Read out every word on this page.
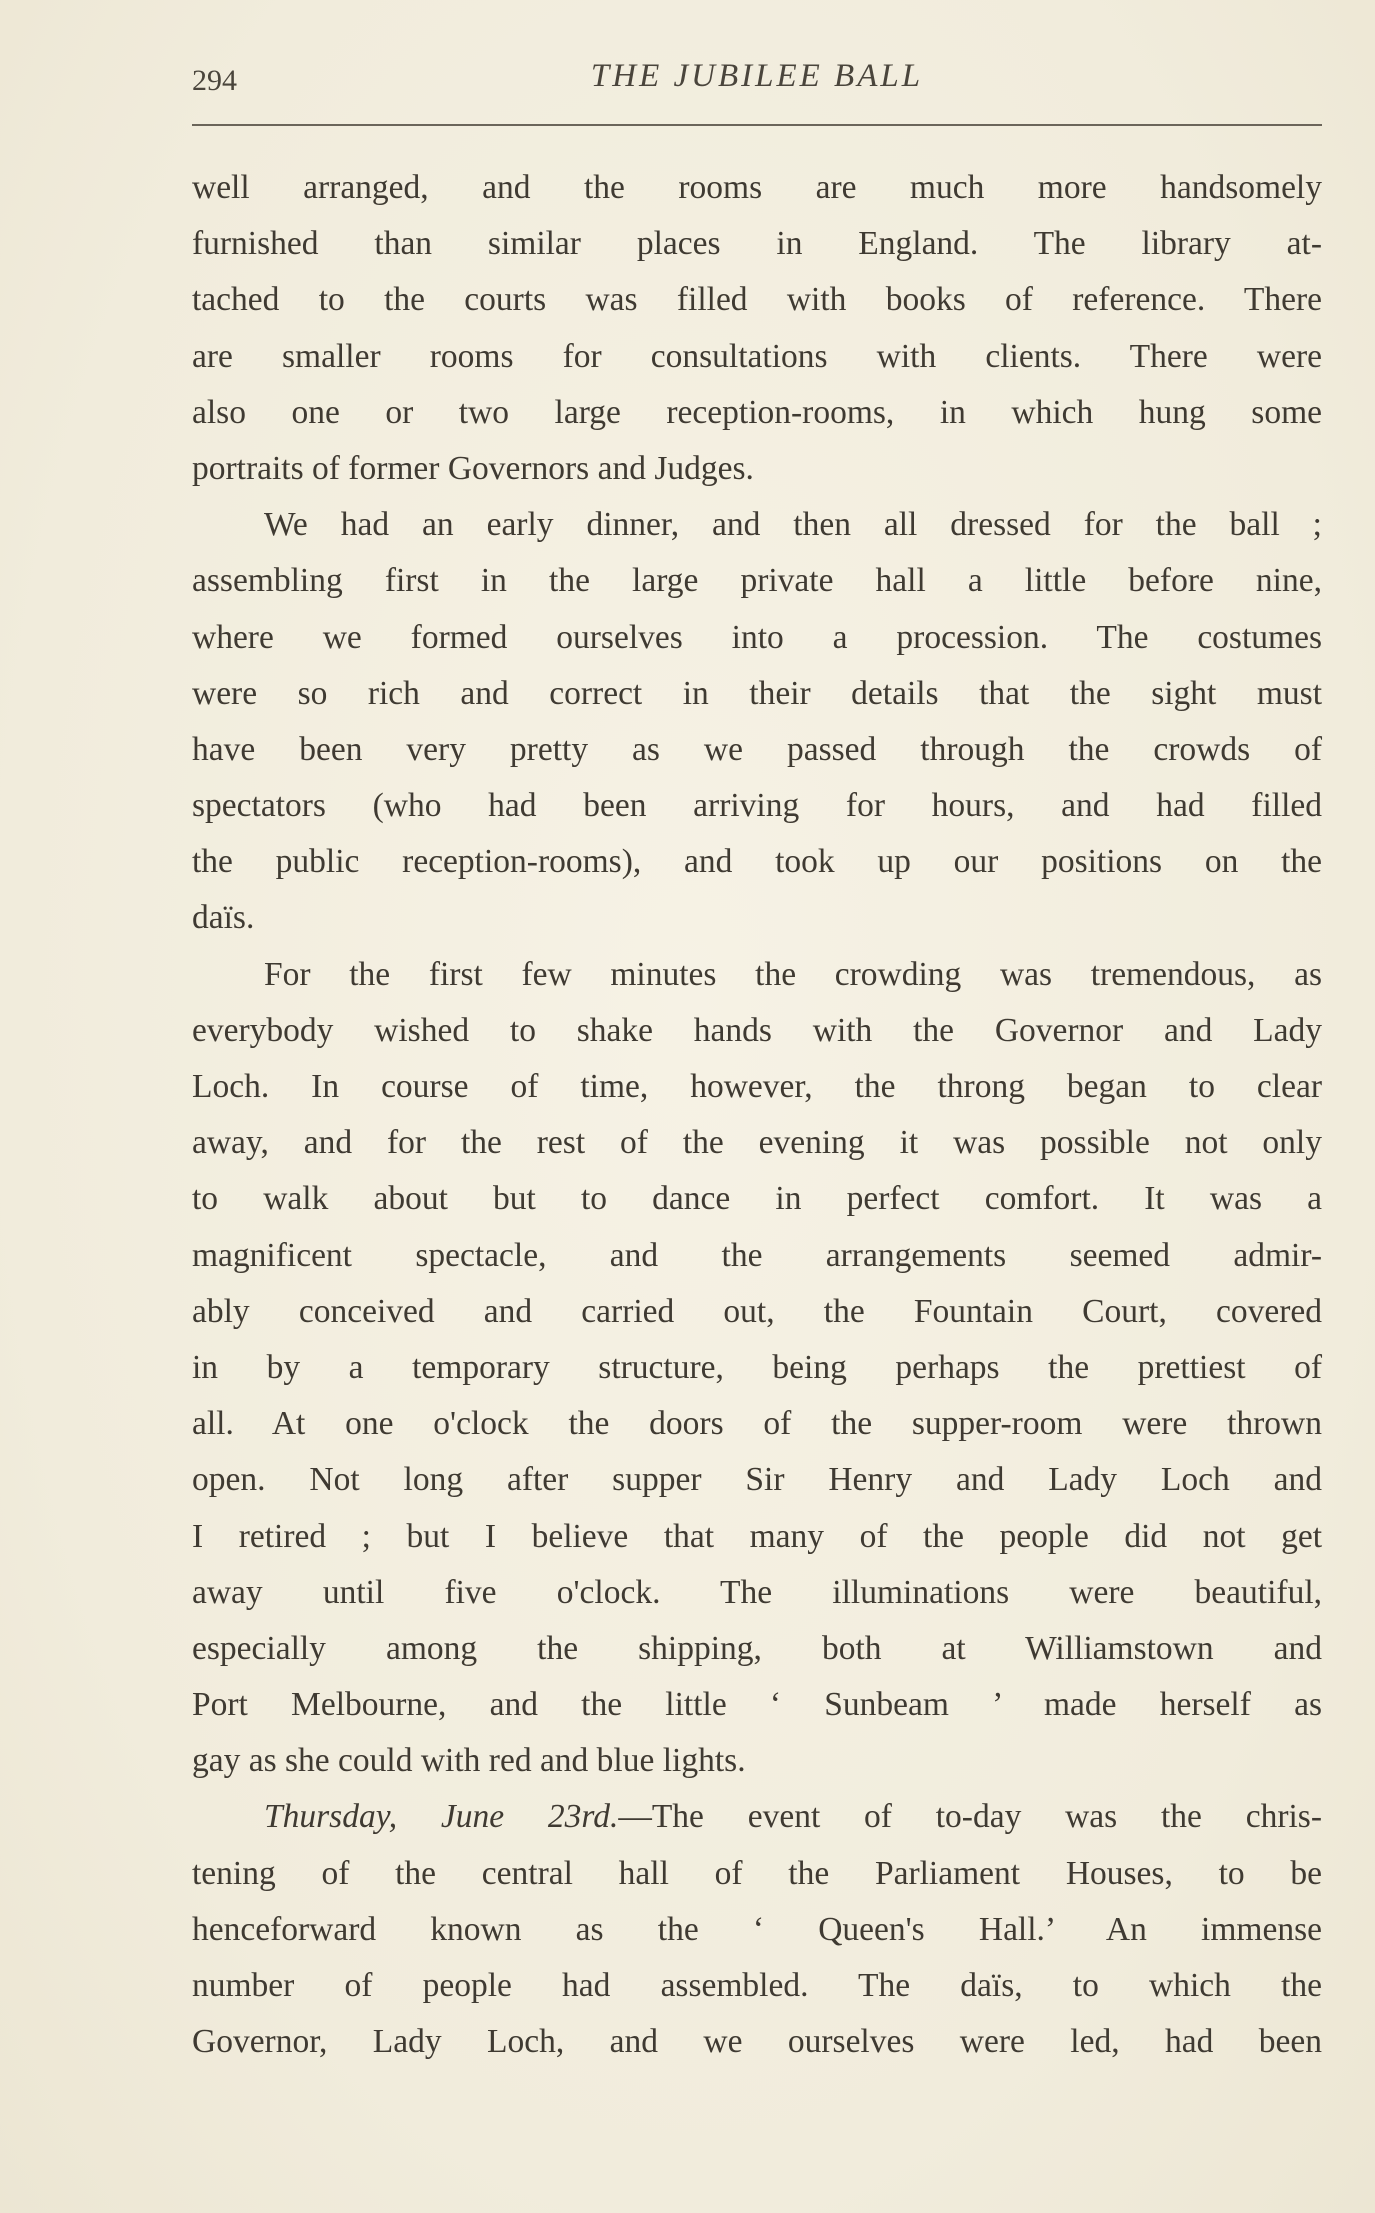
294	THE JUBILEE BALL
well arranged, and the rooms are much more handsomely
furnished than similar places in England. The library at-
tached to the courts was filled with books of reference. There
are smaller rooms for consultations with clients. There were
also one or two large reception-rooms, in which hung some
portraits of former Governors and Judges.
We had an early dinner, and then all dressed for the ball ;
assembling first in the large private hall a little before nine,
where we formed ourselves into a procession. The costumes
were so rich and correct in their details that the sight must
have been very pretty as we passed through the crowds of
spectators (who had been arriving for hours, and had filled
the public reception-rooms), and took up our positions on the
daïs.
For the first few minutes the crowding was tremendous, as
everybody wished to shake hands with the Governor and Lady
Loch. In course of time, however, the throng began to clear
away, and for the rest of the evening it was possible not only
to walk about but to dance in perfect comfort. It was a
magnificent spectacle, and the arrangements seemed admir-
ably conceived and carried out, the Fountain Court, covered
in by a temporary structure, being perhaps the prettiest of
all. At one o'clock the doors of the supper-room were thrown
open. Not long after supper Sir Henry and Lady Loch and
I retired ; but I believe that many of the people did not get
away until five o'clock. The illuminations were beautiful,
especially among the shipping, both at Williamstown and
Port Melbourne, and the little ‘ Sunbeam ’ made herself as
gay as she could with red and blue lights.
Thursday, June 23rd.—The event of to-day was the chris-
tening of the central hall of the Parliament Houses, to be
henceforward known as the ‘ Queen's Hall.’ An immense
number of people had assembled. The daïs, to which the
Governor, Lady Loch, and we ourselves were led, had been
